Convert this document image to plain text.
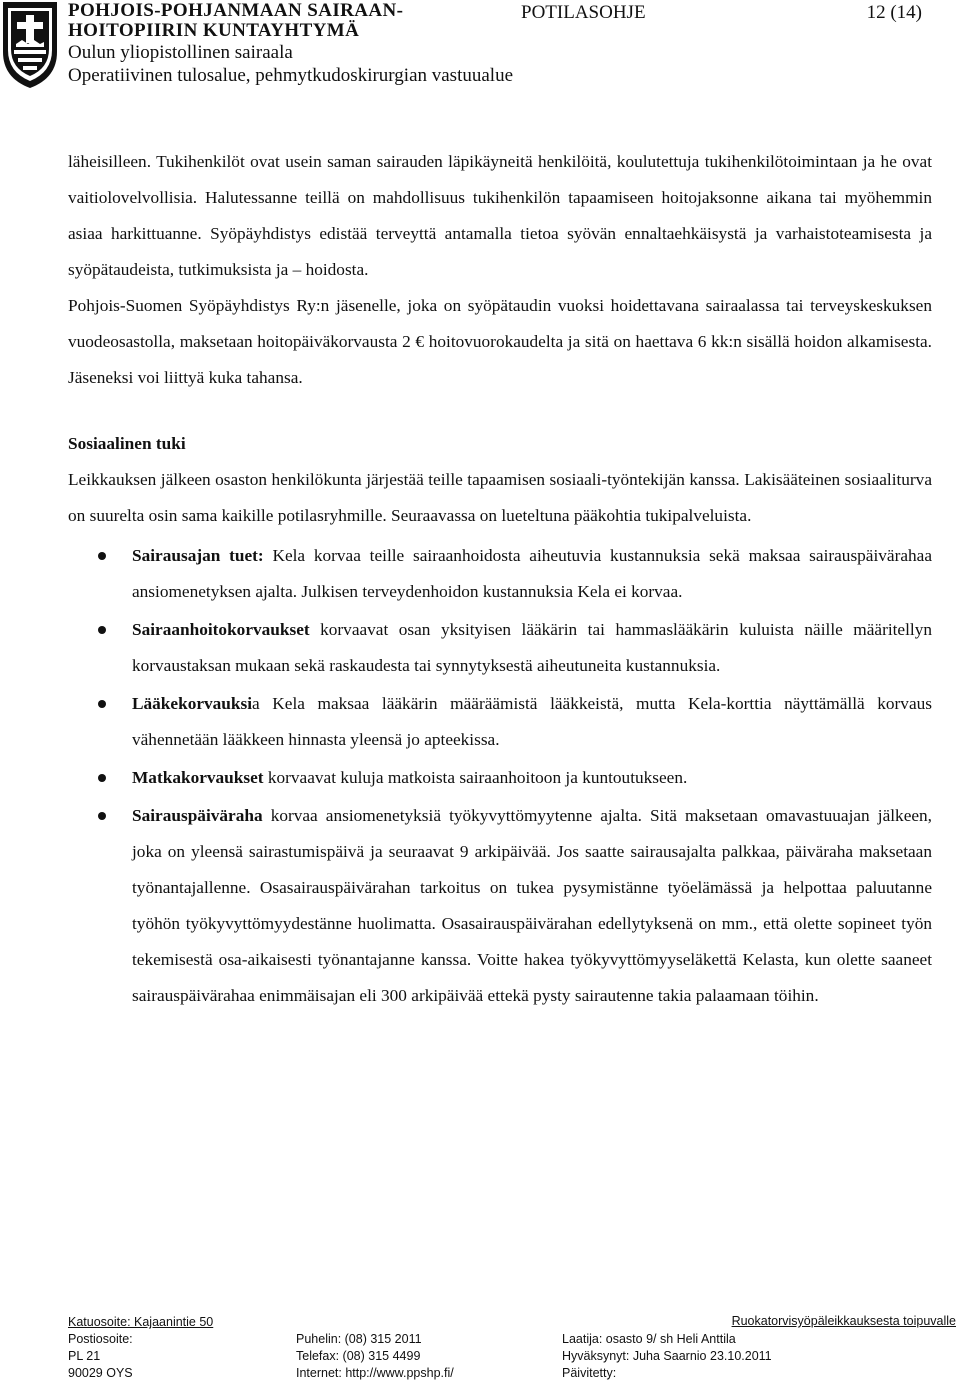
POHJOIS-POHJANMAAN SAIRAAN-
HOITOPIIRIN KUNTAYHTYMÄ
POTILASOHJE	12 (14)
Oulun yliopistollinen sairaala
Operatiivinen tulosalue, pehmytkudoskirurgian vastuualue

läheisilleen. Tukihenkilöt ovat usein saman sairauden läpikäyneitä henkilöitä, koulutettuja tukihenkilötoimintaan ja he ovat vaitiolovelvollisia. Halutessanne teillä on mahdollisuus tukihenkilön tapaamiseen hoitojaksonne aikana tai myöhemmin asiaa harkittuanne. Syöpäyhdistys edistää terveyttä antamalla tietoa syövän ennaltaehkäisystä ja varhaistoteamisesta ja syöpätaudeista, tutkimuksista ja – hoidosta.

Pohjois-Suomen Syöpäyhdistys Ry:n jäsenelle, joka on syöpätaudin vuoksi hoidettavana sairaalassa tai terveyskeskuksen vuodeosastolla, maksetaan hoitopäiväkorvausta 2 € hoitovuorokaudelta ja sitä on haettava 6 kk:n sisällä hoidon alkamisesta. Jäseneksi voi liittyä kuka tahansa.

Sosiaalinen tuki

Leikkauksen jälkeen osaston henkilökunta järjestää teille tapaamisen sosiaali-työntekijän kanssa. Lakisääteinen sosiaaliturva on suurelta osin sama kaikille potilasryhmille. Seuraavassa on lueteltuna pääkohtia tukipalveluista.

Sairausajan tuet: Kela korvaa teille sairaanhoidosta aiheutuvia kustannuksia sekä maksaa sairauspäivärahaa ansiomenetyksen ajalta. Julkisen terveydenhoidon kustannuksia Kela ei korvaa.
Sairaanhoitokorvaukset korvaavat osan yksityisen lääkärin tai hammaslääkärin kuluista näille määritellyn korvaustaksan mukaan sekä raskaudesta tai synnytyksestä aiheutuneita kustannuksia.
Lääkekorvauksia Kela maksaa lääkärin määräämistä lääkkeistä, mutta Kela-korttia näyttämällä korvaus vähennetään lääkkeen hinnasta yleensä jo apteekissa.
Matkakorvaukset korvaavat kuluja matkoista sairaanhoitoon ja kuntoutukseen.
Sairauspäiväraha korvaa ansiomenetyksiä työkyvyttömyytenne ajalta. Sitä maksetaan omavastuuajan jälkeen, joka on yleensä sairastumispäivä ja seuraavat 9 arkipäivää. Jos saatte sairausajalta palkkaa, päiväraha maksetaan työnantajallenne. Osasairauspäivärahan tarkoitus on tukea pysymistänne työelämässä ja helpottaa paluutanne työhön työkyvyttömyydestänne huolimatta. Osasairauspäivärahan edellytyksenä on mm., että olette sopineet työn tekemisestä osa-aikaisesti työnantajanne kanssa. Voitte hakea työkyvyttömyyseläkettä Kelasta, kun olette saaneet sairauspäivärahaa enimmäisajan eli 300 arkipäivää ettekä pysty sairautenne takia palaamaan töihin.
Katuosoite: Kajaanintie 50
Postiosoite:
PL 21
90029 OYS
Puhelin: (08) 315 2011
Telefax: (08) 315 4499
Internet: http://www.ppshp.fi/
Laatija: osasto 9/ sh Heli Anttila
Hyväksynyt: Juha Saarnio 23.10.2011
Päivitetty:
Ruokatorvisyöpäleikkauksesta toipuvalle
